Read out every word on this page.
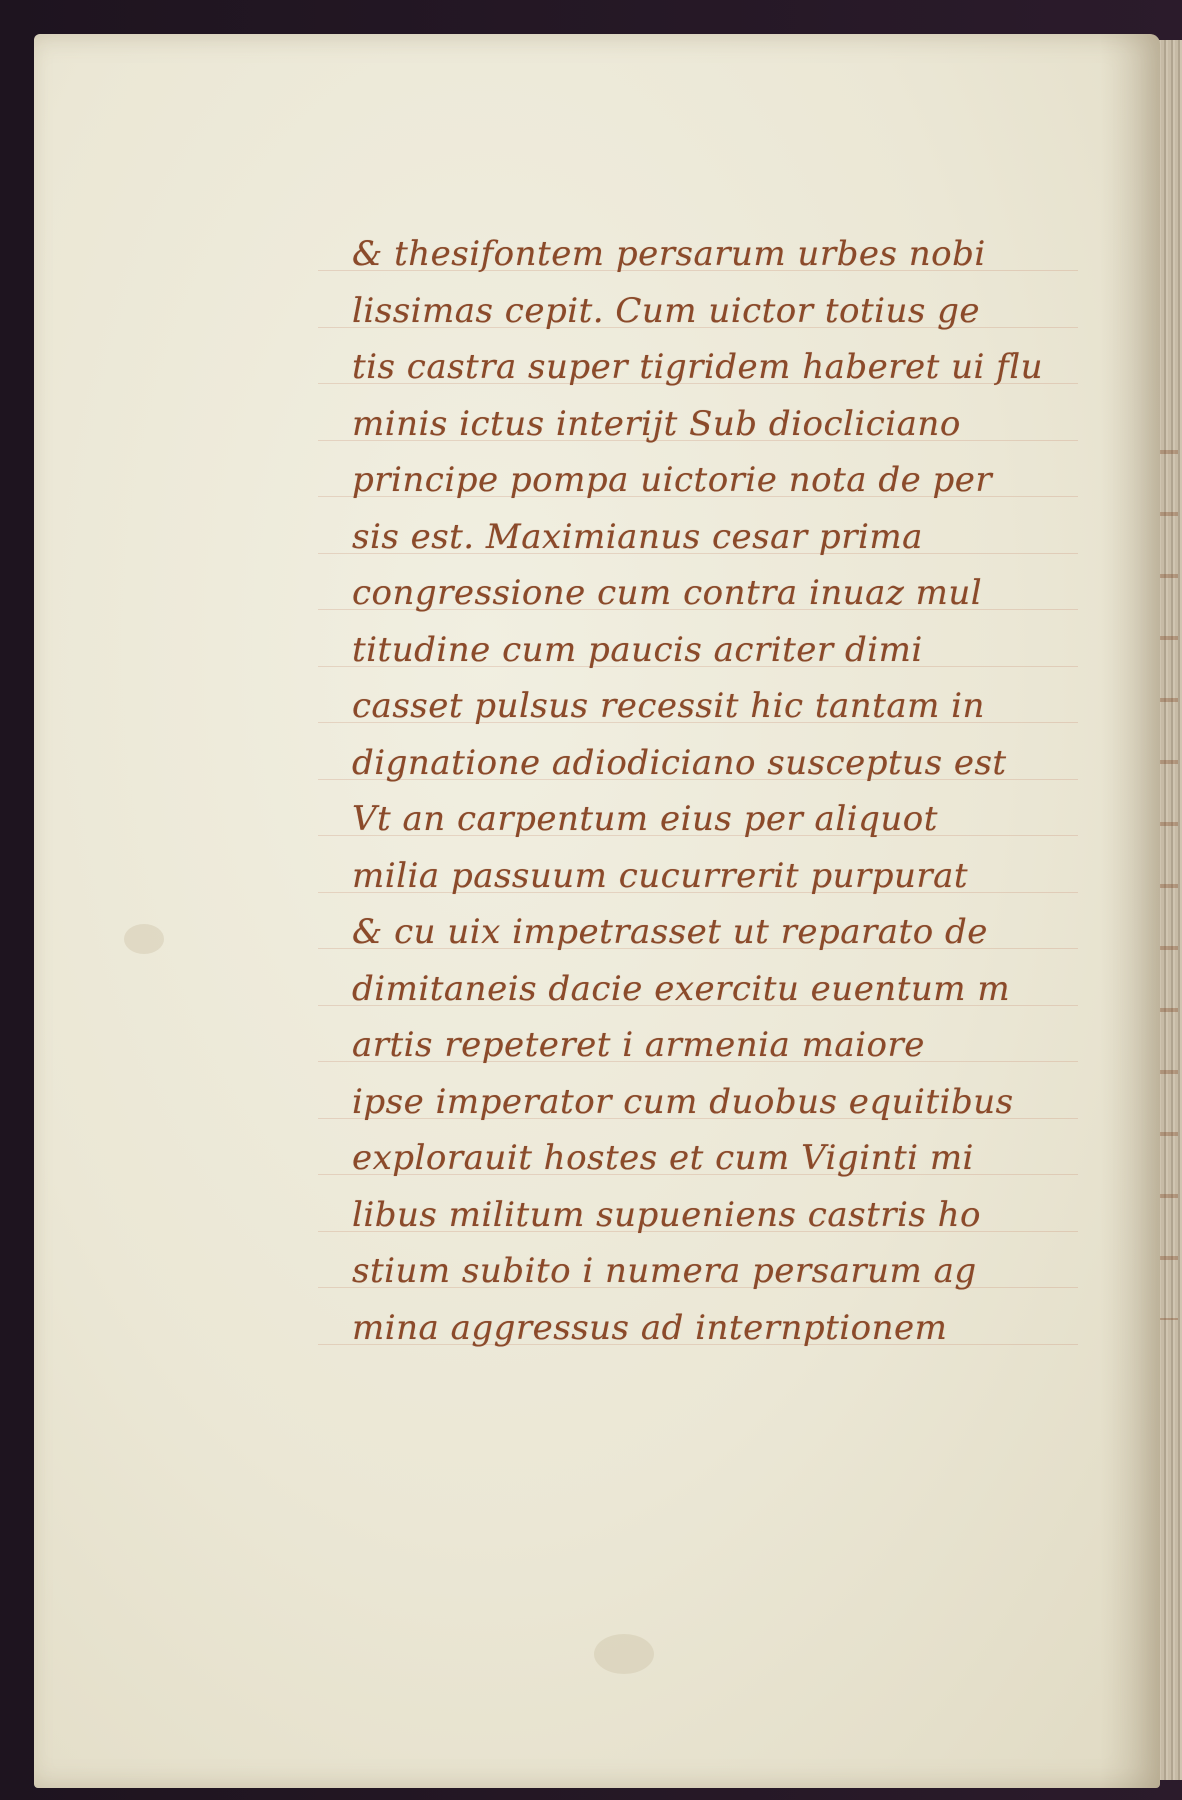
& thesifontem persarum urbes nobi
lissimas cepit. Cum uictor totius ge
tis castra super tigridem haberet ui flu
minis ictus interijt Sub diocliciano
principe pompa uictorie nota de per
sis est. Maximianus cesar prima
congressione cum contra inuaz mul
titudine cum paucis acriter dimi
casset pulsus recessit hic tantam in
dignatione adiodiciano susceptus est
Vt an carpentum eius per aliquot
milia passuum cucurrerit purpurat
& cu uix impetrasset ut reparato de
dimitaneis dacie exercitu euentum m
artis repeteret i armenia maiore
ipse imperator cum duobus equitibus
explorauit hostes et cum Viginti mi
libus militum supueniens castris ho
stium subito i numera persarum ag
mina aggressus ad internptionem
